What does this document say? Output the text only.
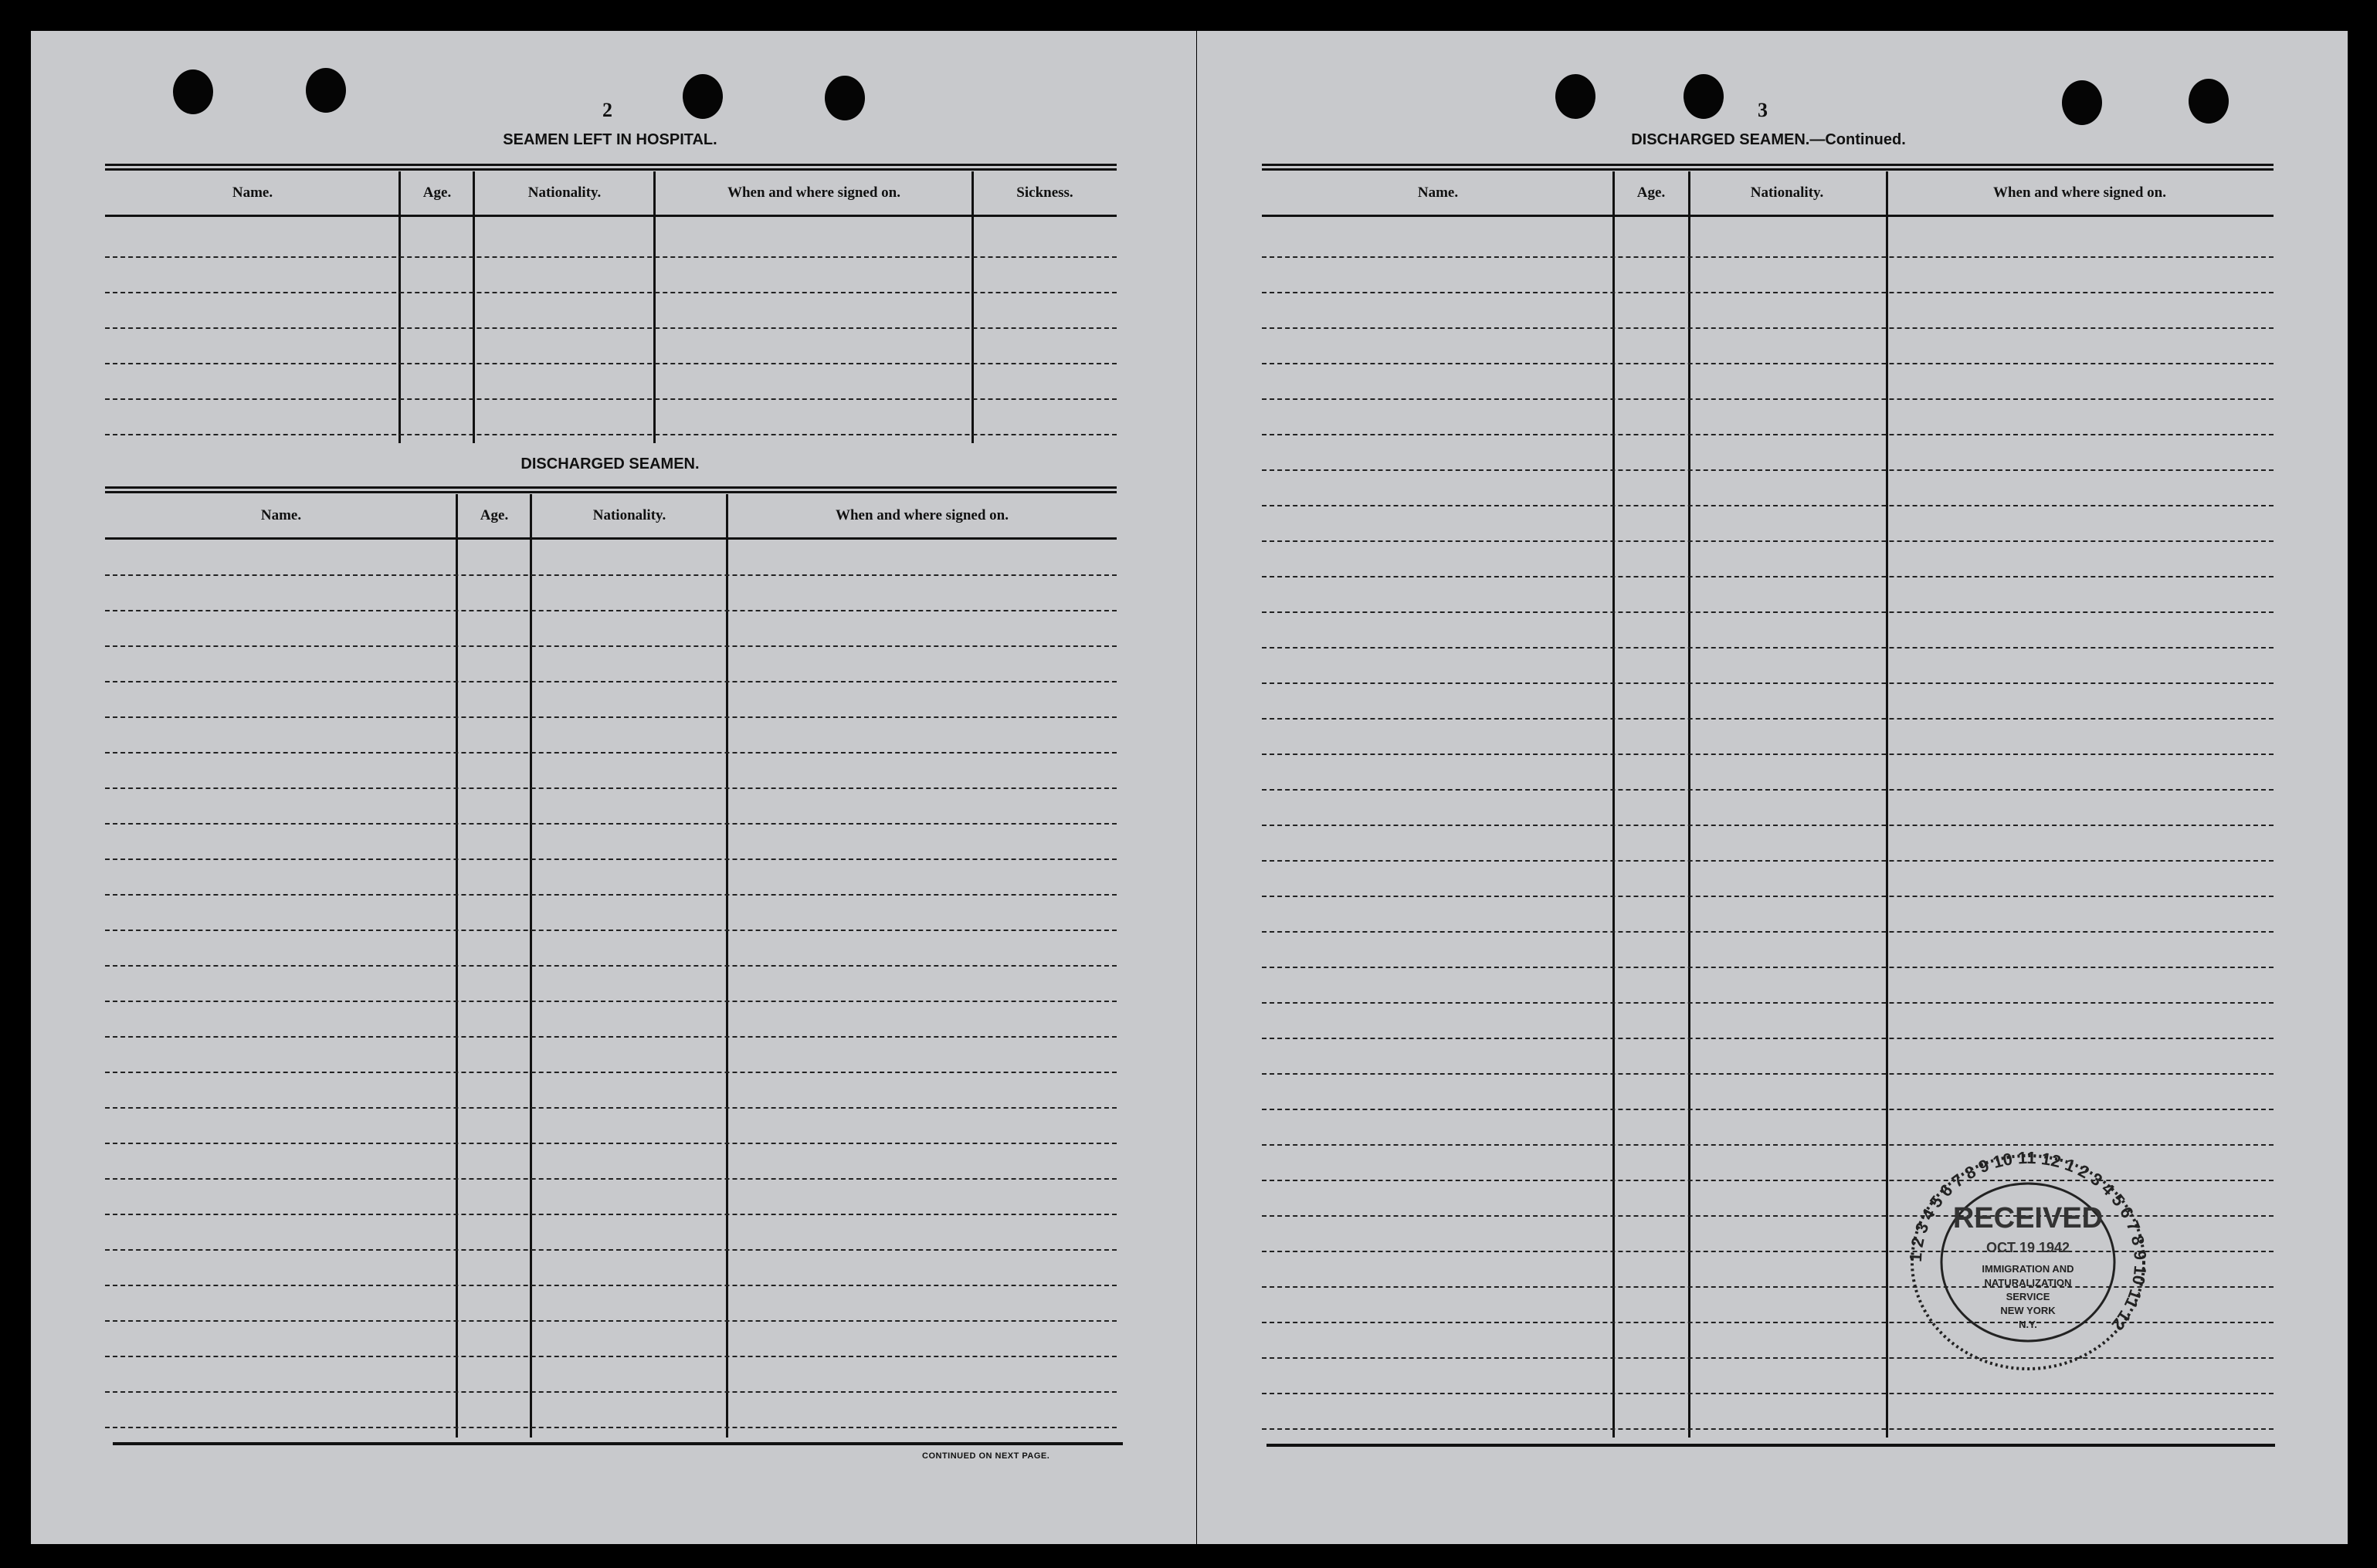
2
SEAMEN LEFT IN HOSPITAL.
Name.	Age.	Nationality.	When and where signed on.	Sickness.
DISCHARGED SEAMEN.
Name.	Age.	Nationality.	When and where signed on.
CONTINUED ON NEXT PAGE.
3
DISCHARGED SEAMEN.—Continued.
Name.	Age.	Nationality.	When and where signed on.
1 2 3 4 5 6 7 8 9 10 11 12 1 2 3 4 5 6 7 8 9 10 11 12
RECEIVED
OCT 19 1942
IMMIGRATION AND
NATURALIZATION
SERVICE
NEW YORK
N.Y.
